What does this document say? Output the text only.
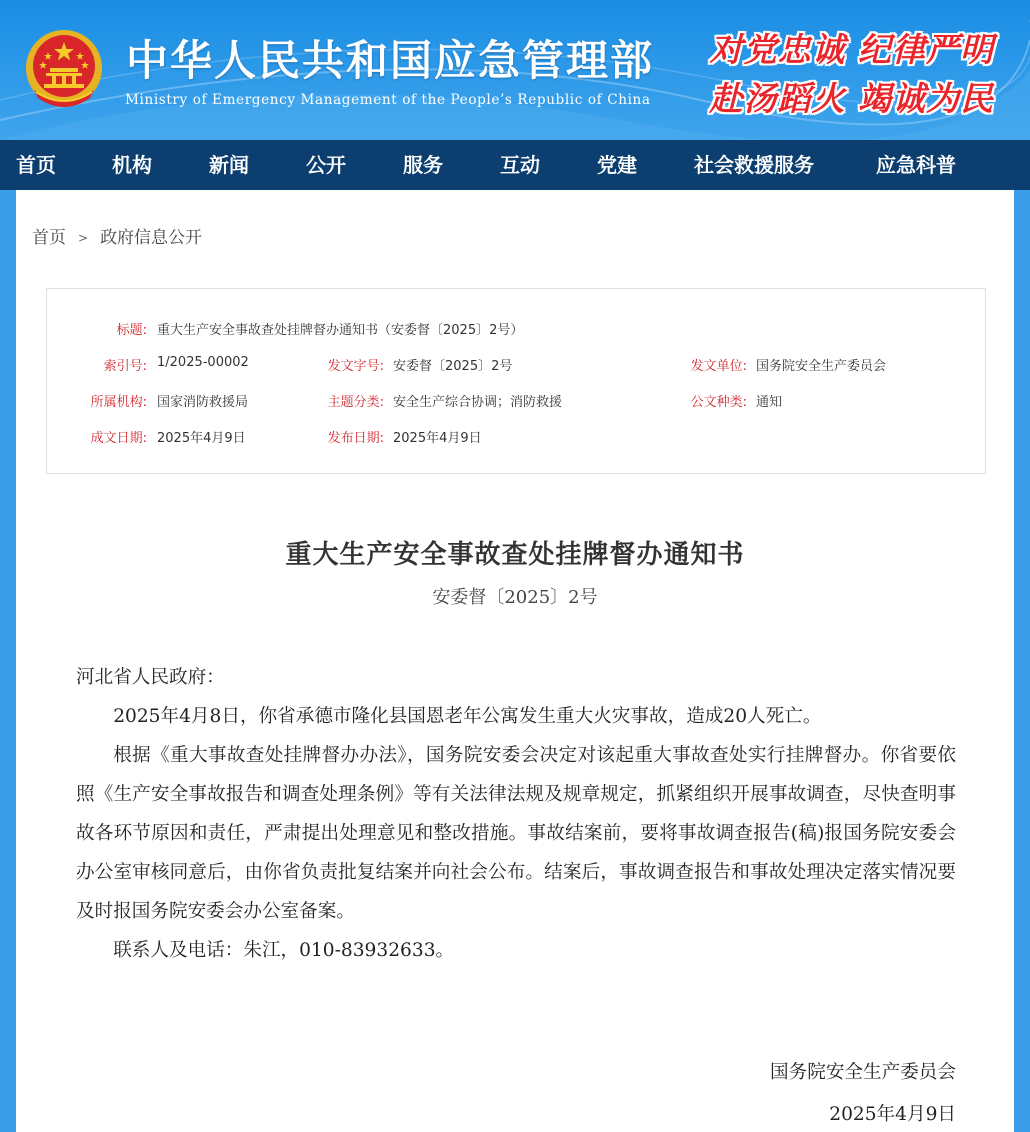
中华人民共和国应急管理部
Ministry of Emergency Management of the People’s Republic of China
对党忠诚 纪律严明
赴汤蹈火 竭诚为民
首页	机构	新闻	公开	服务	互动	党建	社会救援服务	应急科普
首页 > 政府信息公开
标题: 重大生产安全事故查处挂牌督办通知书（安委督〔2025〕2号）
索引号: 1/2025-00002	发文字号: 安委督〔2025〕2号	发文单位: 国务院安全生产委员会
所属机构: 国家消防救援局	主题分类: 安全生产综合协调；消防救援	公文种类: 通知
成文日期: 2025年4月9日	发布日期: 2025年4月9日
重大生产安全事故查处挂牌督办通知书
安委督〔2025〕2号

河北省人民政府：

2025年4月8日，你省承德市隆化县国恩老年公寓发生重大火灾事故，造成20人死亡。

根据《重大事故查处挂牌督办办法》，国务院安委会决定对该起重大事故查处实行挂牌督办。你省要依照《生产安全事故报告和调查处理条例》等有关法律法规及规章规定，抓紧组织开展事故调查，尽快查明事故各环节原因和责任，严肃提出处理意见和整改措施。事故结案前，要将事故调查报告(稿)报国务院安委会办公室审核同意后，由你省负责批复结案并向社会公布。结案后，事故调查报告和事故处理决定落实情况要及时报国务院安委会办公室备案。

联系人及电话：朱江，010-83932633。

国务院安全生产委员会
2025年4月9日
